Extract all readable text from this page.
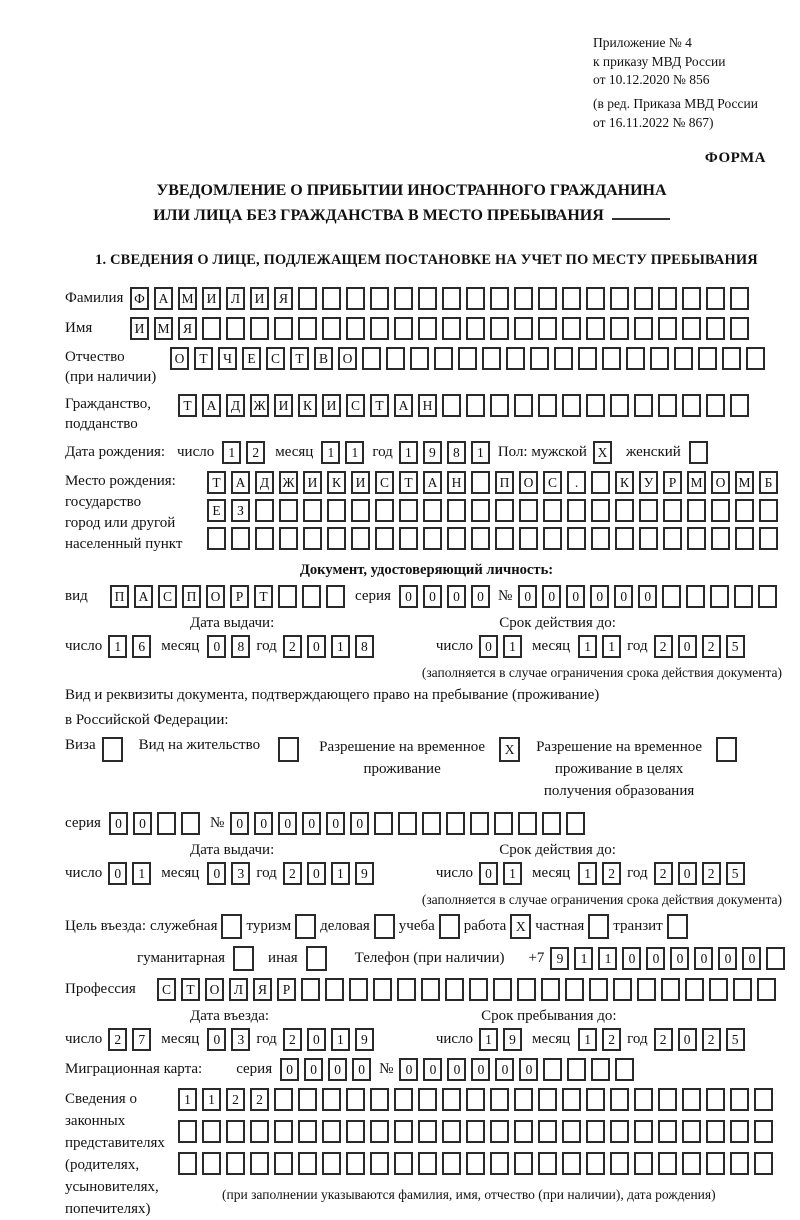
Приложение № 4
к приказу МВД России
от 10.12.2020 № 856
(в ред. Приказа МВД России
от 16.11.2022 № 867)
ФОРМА
УВЕДОМЛЕНИЕ О ПРИБЫТИИ ИНОСТРАННОГО ГРАЖДАНИНА
ИЛИ ЛИЦА БЕЗ ГРАЖДАНСТВА В МЕСТО ПРЕБЫВАНИЯ
1. СВЕДЕНИЯ О ЛИЦЕ, ПОДЛЕЖАЩЕМ ПОСТАНОВКЕ НА УЧЕТ ПО МЕСТУ ПРЕБЫВАНИЯ
Фамилия Ф	А М И	Л	И	Я
Имя	И М Я
Отчество
(при наличии)
О	Т	Ч	Е	С	Т	В	О
Гражданство,
подданство
Т	А	Д Ж И	К	И	С	Т	А	Н
Дата рождения: число	1	2	месяц	1	1 год 1	9	8	1 Пол: мужской X	женский
Место рождения:
государство
город или другой
населенный пункт
Т	А	Д Ж И	К	И	С	Т	А	Н	П	О	С	.	К	У	Р	М О М	Б
Е	З
Документ, удостоверяющий личность:
вид	П	А	С	П	О	Р	Т	серия	0	0	0	0 № 0	0	0	0	0	0
Дата выдачи:	Срок действия до:
число 1	6	месяц	0	8 год 2	0	1	8	число 0	1	месяц	1	1 год 2	0	2	5
(заполняется в случае ограничения срока действия документа)
Вид и реквизиты документа, подтверждающего право на пребывание (проживание)
в Российской Федерации:
Виза	Вид на жительство	Разрешение на временное
проживание
X	Разрешение на временное
проживание в целях
получения образования
серия	0	0	№ 0	0	0	0	0	0
Дата выдачи:	Срок действия до:
число 0	1	месяц	0	3 год 2	0	1	9	число 0	1	месяц	1	2 год 2	0	2	5
(заполняется в случае ограничения срока действия документа)
Цель въезда: служебная туризм деловая учеба работа X частная транзит
гуманитарная	иная	Телефон (при наличии) +7 9	1	1	0	0	0	0	0	0
Профессия	С	Т	О	Л	Я	Р
Дата въезда:	Срок пребывания до:
число 2	7	месяц	0	3 год 2	0	1	9	число 1	9	месяц	1	2 год 2	0	2	5
Миграционная карта: серия	0	0	0	0 № 0	0	0	0	0	0
Сведения о
законных
представителях
(родителях,
усыновителях,
попечителях)
1	1	2	2
(при заполнении указываются фамилия, имя, отчество (при наличии), дата рождения)
